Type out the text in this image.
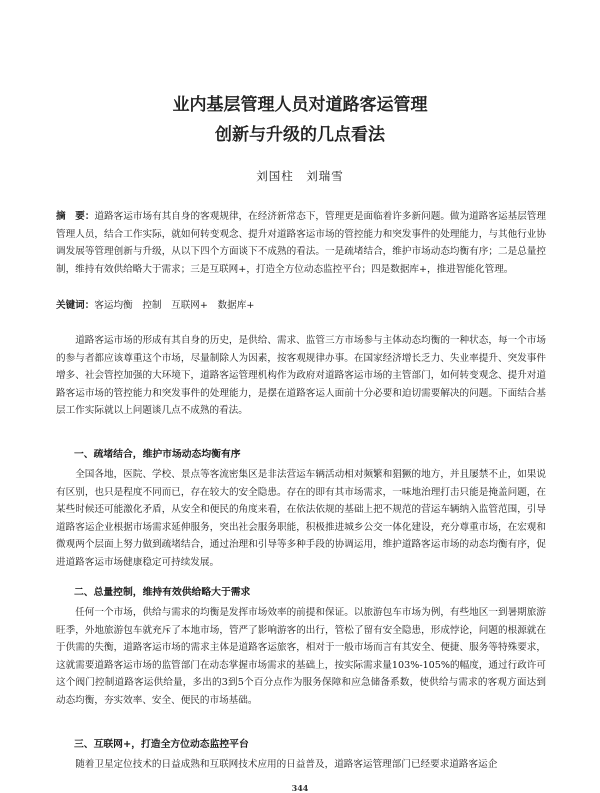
业内基层管理人员对道路客运管理
创新与升级的几点看法
刘国柱　刘瑞雪
摘　要：道路客运市场有其自身的客观规律，在经济新常态下，管理更是面临着许多新问题。做为道路客运基层管理管理人员，结合工作实际，就如何转变观念、提升对道路客运市场的管控能力和突发事件的处理能力，与其他行业协调发展等管理创新与升级，从以下四个方面谈下不成熟的看法。一是疏堵结合，维护市场动态均衡有序；二是总量控制，维持有效供给略大于需求；三是互联网+，打造全方位动态监控平台；四是数据库+，推进智能化管理。
关键词：客运均衡　控制　互联网+　数据库+
道路客运市场的形成有其自身的历史，是供给、需求、监管三方市场参与主体动态均衡的一种状态，每一个市场的参与者都应该尊重这个市场，尽量制除人为因素，按客观规律办事。在国家经济增长乏力、失业率提升、突发事件增多、社会管控加强的大环境下，道路客运管理机构作为政府对道路客运市场的主管部门，如何转变观念、提升对道路客运市场的管控能力和突发事件的处理能力，是摆在道路客运人面前十分必要和迫切需要解决的问题。下面结合基层工作实际就以上问题谈几点不成熟的看法。
一、疏堵结合，维护市场动态均衡有序
全国各地，医院、学校、景点等客流密集区是非法营运车辆活动相对频繁和猖獗的地方，并且屡禁不止，如果说有区别，也只是程度不同而已，存在较大的安全隐患。存在的即有其市场需求，一味地治理打击只能是掩盖问题，在某些时候还可能激化矛盾，从安全和便民的角度来看，在依法依规的基础上把不规范的营运车辆纳入监管范围，引导道路客运企业根据市场需求延伸服务，突出社会服务职能，积极推进城乡公交一体化建设，充分尊重市场，在宏观和微观两个层面上努力做到疏堵结合，通过治理和引导等多种手段的协调运用，维护道路客运市场的动态均衡有序，促进道路客运市场健康稳定可持续发展。
二、总量控制，维持有效供给略大于需求
任何一个市场，供给与需求的均衡是发挥市场效率的前提和保证。以旅游包车市场为例，有些地区一到暑期旅游旺季，外地旅游包车就充斥了本地市场，管严了影响游客的出行，管松了留有安全隐患，形成悖论，问题的根源就在于供需的失衡，道路客运市场的需求主体是道路客运旅客，相对于一般市场而言有其安全、便捷、服务等特殊要求，这就需要道路客运市场的监管部门在动态掌握市场需求的基础上，按实际需求量103%-105%的幅度，通过行政许可这个阀门控制道路客运供给量，多出的3到5个百分点作为服务保障和应急储备系数，使供给与需求的客观方面达到动态均衡，夯实效率、安全、便民的市场基础。
三、互联网+，打造全方位动态监控平台
随着卫星定位技术的日益成熟和互联网技术应用的日益普及，道路客运管理部门已经要求道路客运企
344
